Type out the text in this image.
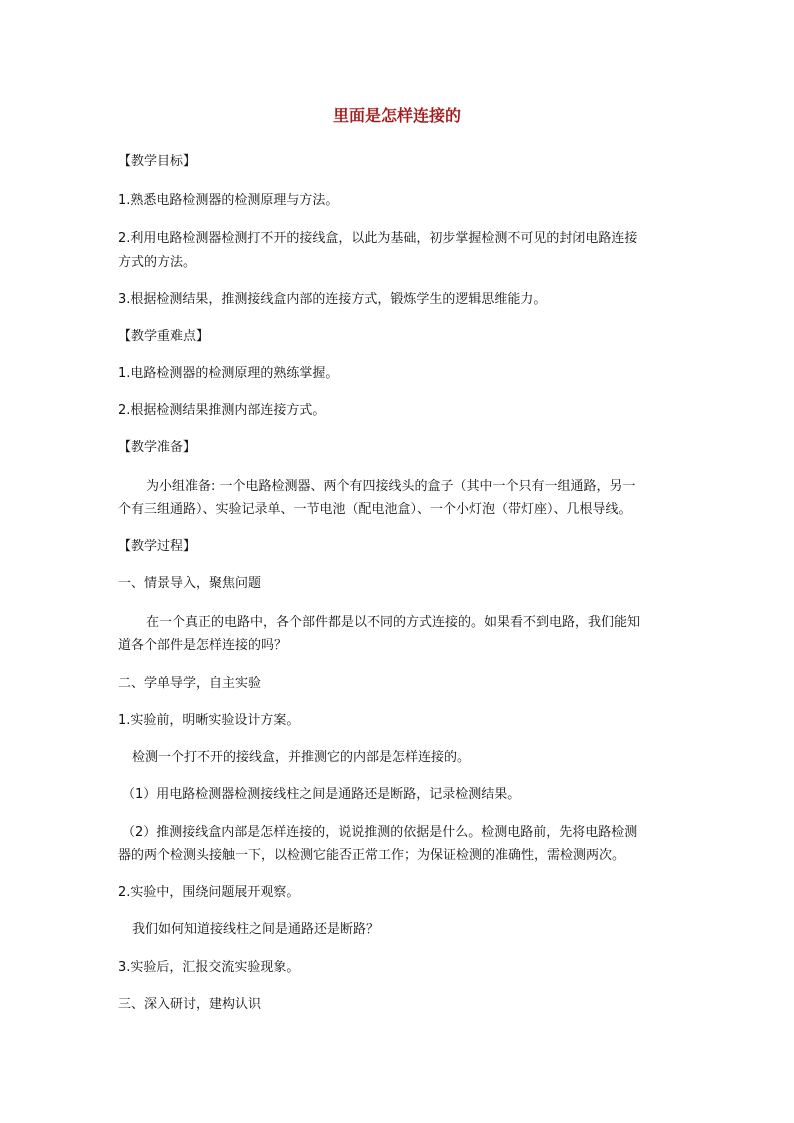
里面是怎样连接的
【教学目标】
1.熟悉电路检测器的检测原理与方法。
2.利用电路检测器检测打不开的接线盒，以此为基础，初步掌握检测不可见的封闭电路连接
方式的方法。
3.根据检测结果，推测接线盒内部的连接方式，锻炼学生的逻辑思维能力。
【教学重难点】
1.电路检测器的检测原理的熟练掌握。
2.根据检测结果推测内部连接方式。
【教学准备】
为小组准备: 一个电路检测器、两个有四接线头的盒子（其中一个只有一组通路，另一
个有三组通路）、实验记录单、一节电池（配电池盒）、一个小灯泡（带灯座）、几根导线。
【教学过程】
一、情景导入，聚焦问题
在一个真正的电路中，各个部件都是以不同的方式连接的。如果看不到电路，我们能知
道各个部件是怎样连接的吗？
二、学单导学，自主实验
1.实验前，明晰实验设计方案。
检测一个打不开的接线盒，并推测它的内部是怎样连接的。
（1）用电路检测器检测接线柱之间是通路还是断路，记录检测结果。
（2）推测接线盒内部是怎样连接的，说说推测的依据是什么。检测电路前，先将电路检测
器的两个检测头接触一下，以检测它能否正常工作；为保证检测的准确性，需检测两次。
2.实验中，围绕问题展开观察。
我们如何知道接线柱之间是通路还是断路？
3.实验后，汇报交流实验现象。
三、深入研讨，建构认识
